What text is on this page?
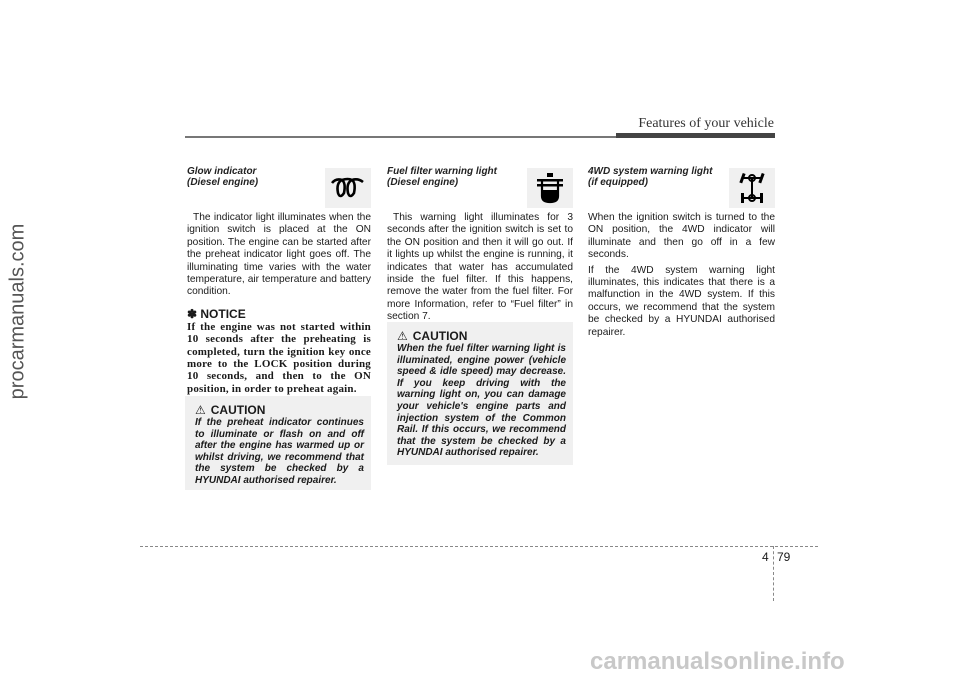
Features of your vehicle
Glow indicator
(Diesel engine)

The indicator light illuminates when the ignition switch is placed at the ON position. The engine can be started after the preheat indicator light goes off. The illuminating time varies with the water temperature, air temperature and battery condition.

✽ NOTICE
If the engine was not started within 10 seconds after the preheating is completed, turn the ignition key once more to the LOCK position during 10 seconds, and then to the ON position, in order to preheat again.
⚠ CAUTION
If the preheat indicator continues to illuminate or flash on and off after the engine has warmed up or whilst driving, we recommend that the system be checked by a HYUNDAI authorised repairer.
Fuel filter warning light
(Diesel engine)

This warning light illuminates for 3 seconds after the ignition switch is set to the ON position and then it will go out. If it lights up whilst the engine is running, it indicates that water has accumulated inside the fuel filter. If this happens, remove the water from the fuel filter. For more Information, refer to “Fuel filter” in section 7.

⚠ CAUTION
When the fuel filter warning light is illuminated, engine power (vehicle speed & idle speed) may decrease. If you keep driving with the warning light on, you can damage your vehicle's engine parts and injection system of the Common Rail. If this occurs, we recommend that the system be checked by a HYUNDAI authorised repairer.
4WD system warning light
(if equipped)

When the ignition switch is turned to the ON position, the 4WD indicator will illuminate and then go off in a few seconds.

If the 4WD system warning light illuminates, this indicates that there is a malfunction in the 4WD system. If this occurs, we recommend that the system be checked by a HYUNDAI authorised repairer.

4 79
procarmanuals.com
carmanualsonline.info
